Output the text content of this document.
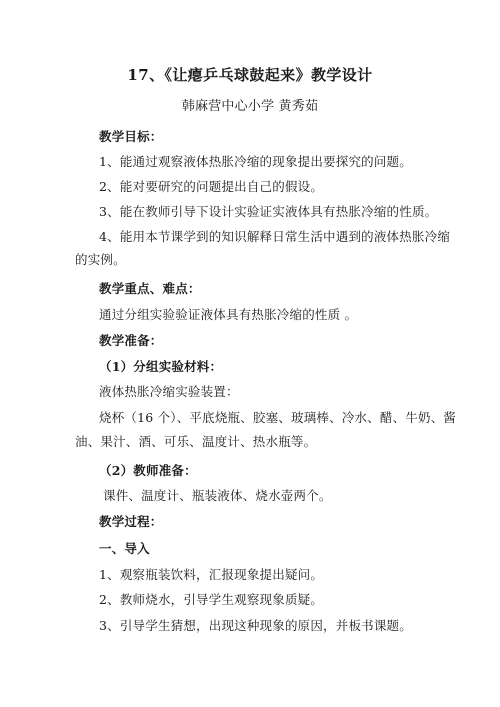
17、《让瘪乒乓球鼓起来》教学设计
韩麻营中心小学 黄秀茹
教学目标：
1、能通过观察液体热胀冷缩的现象提出要探究的问题。
2、能对要研究的问题提出自己的假设。
3、能在教师引导下设计实验证实液体具有热胀冷缩的性质。
4、能用本节课学到的知识解释日常生活中遇到的液体热胀冷缩
的实例。
教学重点、难点：
通过分组实验验证液体具有热胀冷缩的性质 。
教学准备：
（1）分组实验材料：
液体热胀冷缩实验装置：
烧杯（16 个）、平底烧瓶、胶塞、玻璃棒、冷水、醋、牛奶、酱
油、果汁、酒、可乐、温度计、热水瓶等。
（2）教师准备：
课件、温度计、瓶装液体、烧水壶两个。
教学过程：
一、导入
1、观察瓶装饮料，汇报现象提出疑问。
2、教师烧水，引导学生观察现象质疑。
3、引导学生猜想，出现这种现象的原因，并板书课题。
